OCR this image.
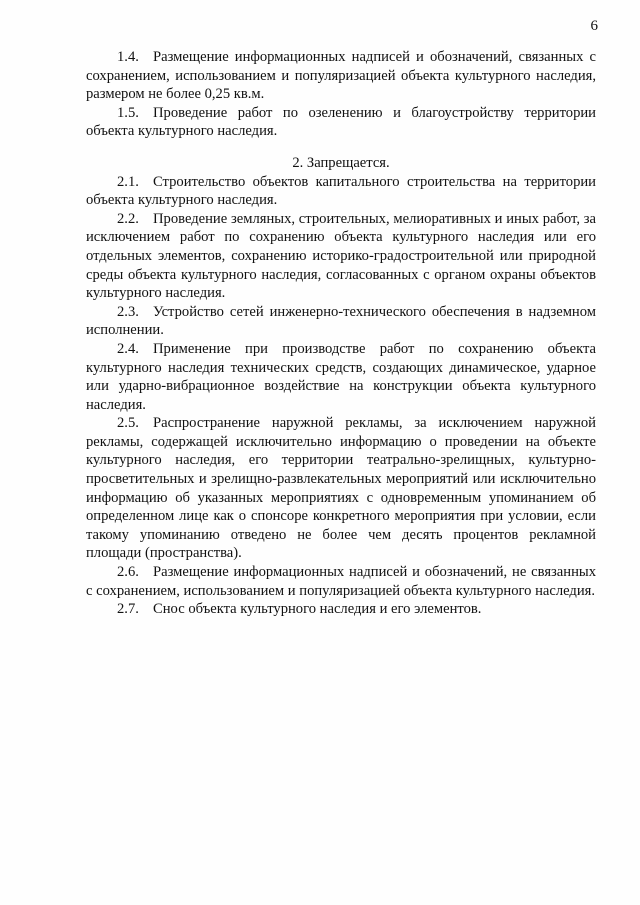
6

1.4. Размещение информационных надписей и обозначений, связанных с сохранением, использованием и популяризацией объекта культурного наследия, размером не более 0,25 кв.м.

1.5. Проведение работ по озеленению и благоустройству территории объекта культурного наследия.

2. Запрещается.

2.1. Строительство объектов капитального строительства на территории объекта культурного наследия.

2.2. Проведение земляных, строительных, мелиоративных и иных работ, за исключением работ по сохранению объекта культурного наследия или его отдельных элементов, сохранению историко-градостроительной или природной среды объекта культурного наследия, согласованных с органом охраны объектов культурного наследия.

2.3. Устройство сетей инженерно-технического обеспечения в надземном исполнении.

2.4. Применение при производстве работ по сохранению объекта культурного наследия технических средств, создающих динамическое, ударное или ударно-вибрационное воздействие на конструкции объекта культурного наследия.

2.5. Распространение наружной рекламы, за исключением наружной рекламы, содержащей исключительно информацию о проведении на объекте культурного наследия, его территории театрально-зрелищных, культурно-просветительных и зрелищно-развлекательных мероприятий или исключительно информацию об указанных мероприятиях с одновременным упоминанием об определенном лице как о спонсоре конкретного мероприятия при условии, если такому упоминанию отведено не более чем десять процентов рекламной площади (пространства).

2.6. Размещение информационных надписей и обозначений, не связанных с сохранением, использованием и популяризацией объекта культурного наследия.

2.7. Снос объекта культурного наследия и его элементов.
